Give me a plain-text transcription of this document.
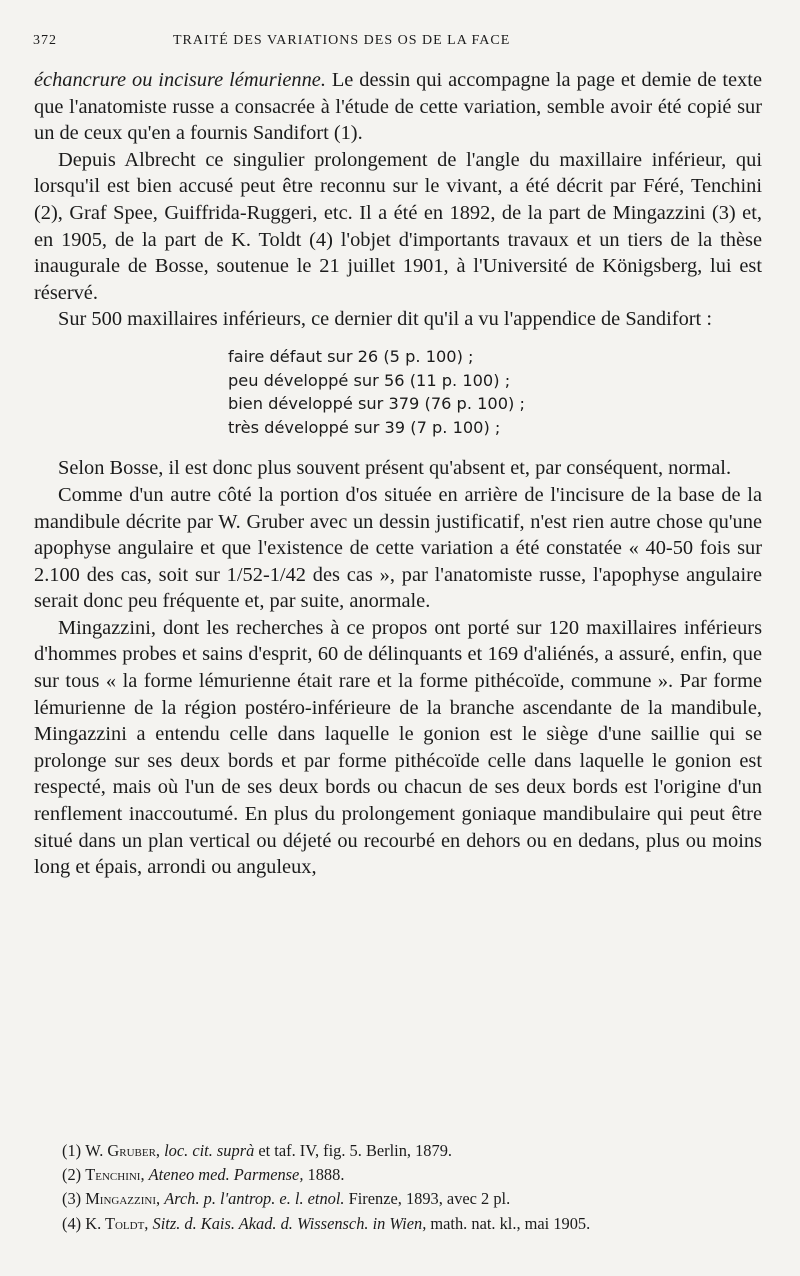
372	TRAITÉ DES VARIATIONS DES OS DE LA FACE

échancrure ou incisure lémurienne. Le dessin qui accompagne la page et demie de texte que l'anatomiste russe a consacrée à l'étude de cette variation, semble avoir été copié sur un de ceux qu'en a fournis Sandifort (1).

Depuis Albrecht ce singulier prolongement de l'angle du maxillaire inférieur, qui lorsqu'il est bien accusé peut être reconnu sur le vivant, a été décrit par Féré, Tenchini (2), Graf Spee, Guiffrida-Ruggeri, etc. Il a été en 1892, de la part de Mingazzini (3) et, en 1905, de la part de K. Toldt (4) l'objet d'importants travaux et un tiers de la thèse inaugurale de Bosse, soutenue le 21 juillet 1901, à l'Université de Königsberg, lui est réservé.

Sur 500 maxillaires inférieurs, ce dernier dit qu'il a vu l'appendice de Sandifort :

faire défaut sur 26 (5 p. 100) ;
peu développé sur 56 (11 p. 100) ;
bien développé sur 379 (76 p. 100) ;
très développé sur 39 (7 p. 100) ;

Selon Bosse, il est donc plus souvent présent qu'absent et, par conséquent, normal.

Comme d'un autre côté la portion d'os située en arrière de l'incisure de la base de la mandibule décrite par W. Gruber avec un dessin justificatif, n'est rien autre chose qu'une apophyse angulaire et que l'existence de cette variation a été constatée « 40-50 fois sur 2.100 des cas, soit sur 1/52-1/42 des cas », par l'anatomiste russe, l'apophyse angulaire serait donc peu fréquente et, par suite, anormale.

Mingazzini, dont les recherches à ce propos ont porté sur 120 maxillaires inférieurs d'hommes probes et sains d'esprit, 60 de délinquants et 169 d'aliénés, a assuré, enfin, que sur tous « la forme lémurienne était rare et la forme pithécoïde, commune ». Par forme lémurienne de la région postéro-inférieure de la branche ascendante de la mandibule, Mingazzini a entendu celle dans laquelle le gonion est le siège d'une saillie qui se prolonge sur ses deux bords et par forme pithécoïde celle dans laquelle le gonion est respecté, mais où l'un de ses deux bords ou chacun de ses deux bords est l'origine d'un renflement inaccoutumé. En plus du prolongement goniaque mandibulaire qui peut être situé dans un plan vertical ou déjeté ou recourbé en dehors ou en dedans, plus ou moins long et épais, arrondi ou anguleux,

(1) W. Gruber, loc. cit. suprà et taf. IV, fig. 5. Berlin, 1879.
(2) Tenchini, Ateneo med. Parmense, 1888.
(3) Mingazzini, Arch. p. l'antrop. e. l. etnol. Firenze, 1893, avec 2 pl.
(4) K. Toldt, Sitz. d. Kais. Akad. d. Wissensch. in Wien, math. nat. kl., mai 1905.
